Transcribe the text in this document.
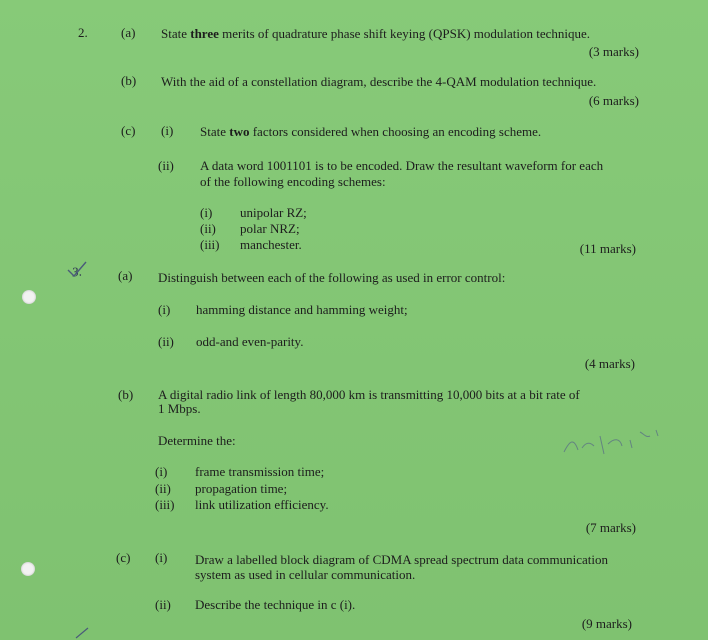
2.	(a) State three merits of quadrature phase shift keying (QPSK) modulation technique.
(3 marks)
(b) With the aid of a constellation diagram, describe the 4-QAM modulation technique.
(6 marks)
(c) (i) State two factors considered when choosing an encoding scheme.
(ii) A data word 1001101 is to be encoded. Draw the resultant waveform for each
of the following encoding schemes:
(i) unipolar RZ;
(ii) polar NRZ;
(iii) manchester.	(11 marks)
3.	(a) Distinguish between each of the following as used in error control:
(i) hamming distance and hamming weight;
(ii) odd-and even-parity.
(4 marks)
(b) A digital radio link of length 80,000 km is transmitting 10,000 bits at a bit rate of
1 Mbps.
Determine the:
(i) frame transmission time;
(ii) propagation time;
(iii) link utilization efficiency.
(7 marks)
(c) (i) Draw a labelled block diagram of CDMA spread spectrum data communication
system as used in cellular communication.
(ii) Describe the technique in c (i).
(9 marks)
